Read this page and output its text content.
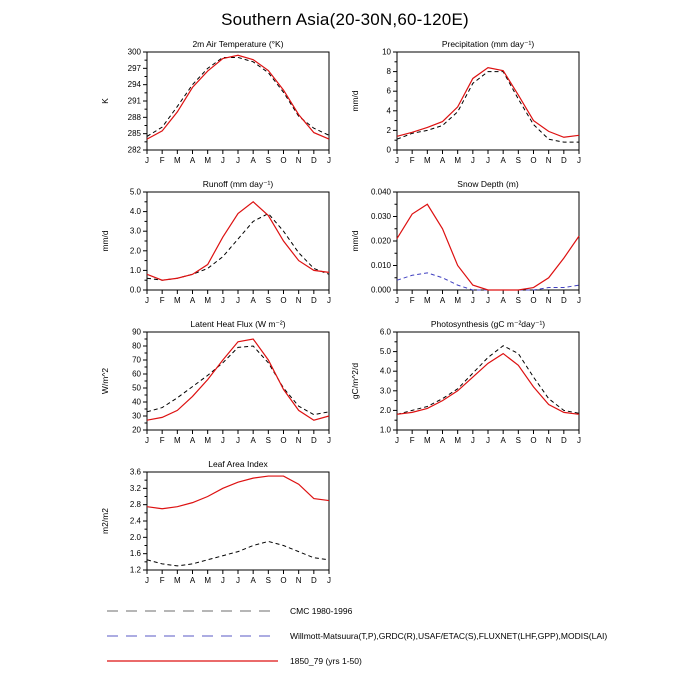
Southern Asia(20-30N,60-120E)
2m Air Temperature (°K)
K
282
285
288
291
294
297
300
J F M A M J J A S O N D J
Precipitation (mm day⁻¹)
mm/d
0
2
4
6
8
10
J F M A M J J A S O N D J
Runoff (mm day⁻¹)
mm/d
0.0
1.0
2.0
3.0
4.0
5.0
J F M A M J J A S O N D J
Snow Depth (m)
mm/d
0.000
0.010
0.020
0.030
0.040
J F M A M J J A S O N D J
Latent Heat Flux (W m⁻²)
W/m^2
20
30
40
50
60
70
80
90
J F M A M J J A S O N D J
Photosynthesis (gC m⁻²day⁻¹)
gC/m^2/d
1.0
2.0
3.0
4.0
5.0
6.0
J F M A M J J A S O N D J
Leaf Area Index
m2/m2
1.2
1.6
2.0
2.4
2.8
3.2
3.6
J F M A M J J A S O N D J
CMC 1980-1996
Willmott-Matsuura(T,P),GRDC(R),USAF/ETAC(S),FLUXNET(LHF,GPP),MODIS(LAI)
1850_79 (yrs 1-50)
